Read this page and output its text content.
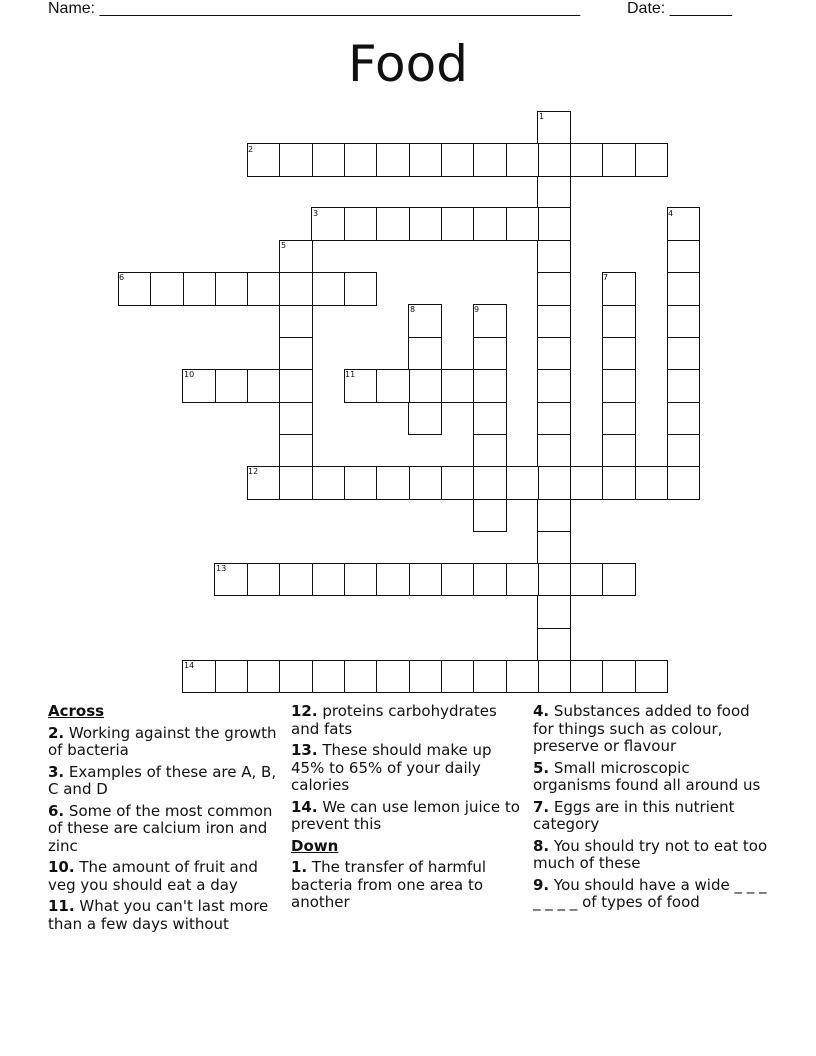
Name: ______________________________________________________	Date: _______
Food
1
2
3	4
5
6	7
8	9
10	11
12
13
14
Across
2. Working against the growth of bacteria
3. Examples of these are A, B, C and D
6. Some of the most common of these are calcium iron and zinc
10. The amount of fruit and veg you should eat a day
11. What you can't last more than a few days without
12. proteins carbohydrates and fats
13. These should make up 45% to 65% of your daily calories
14. We can use lemon juice to prevent this
Down
1. The transfer of harmful bacteria from one area to another
4. Substances added to food for things such as colour, preserve or flavour
5. Small microscopic organisms found all around us
7. Eggs are in this nutrient category
8. You should try not to eat too much of these
9. You should have a wide _ _ _ _ _ _ _ of types of food
